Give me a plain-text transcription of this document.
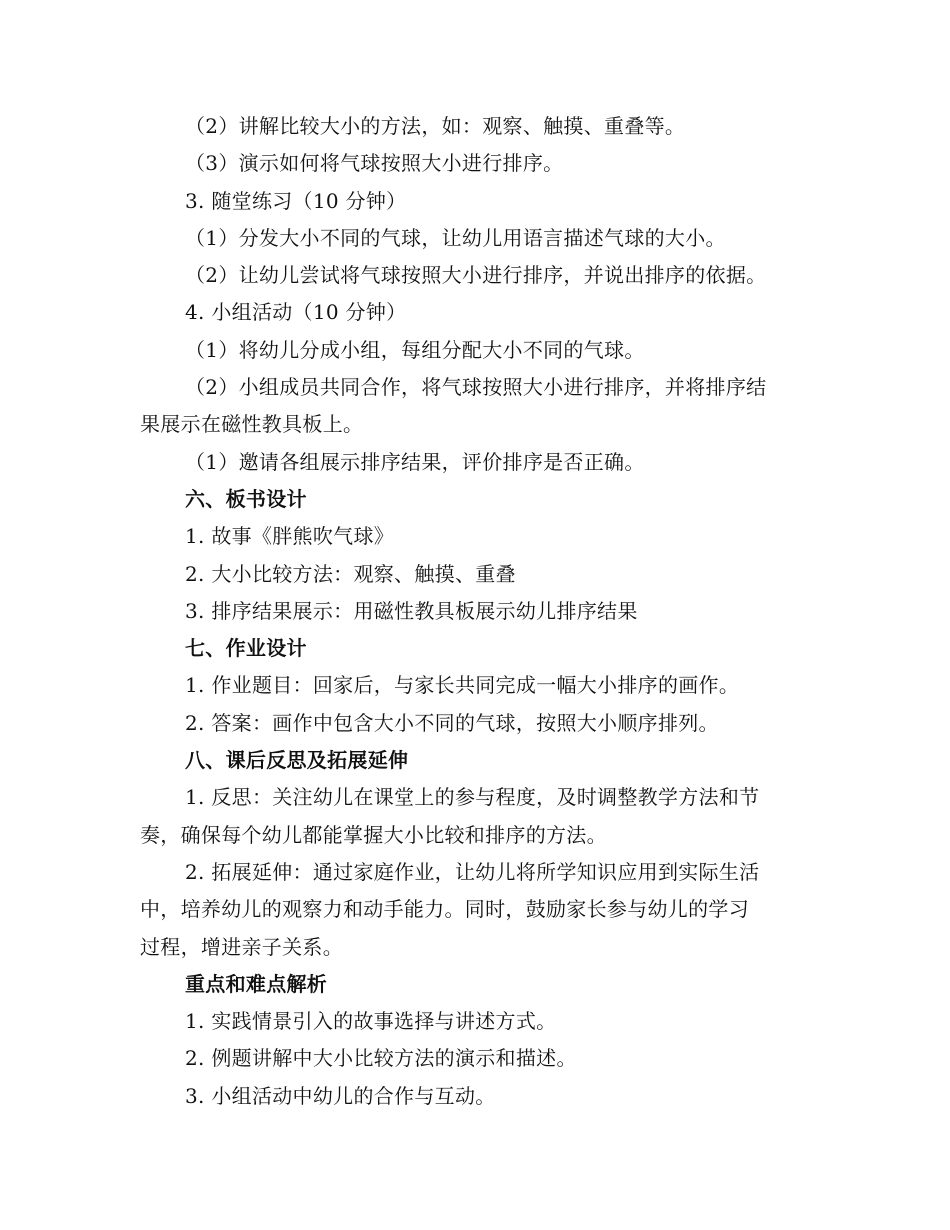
（2）讲解比较大小的方法，如：观察、触摸、重叠等。
（3）演示如何将气球按照大小进行排序。
3. 随堂练习（10 分钟）
（1）分发大小不同的气球，让幼儿用语言描述气球的大小。
（2）让幼儿尝试将气球按照大小进行排序，并说出排序的依据。
4. 小组活动（10 分钟）
（1）将幼儿分成小组，每组分配大小不同的气球。
（2）小组成员共同合作，将气球按照大小进行排序，并将排序结
果展示在磁性教具板上。
（1）邀请各组展示排序结果，评价排序是否正确。
六、板书设计
1. 故事《胖熊吹气球》
2. 大小比较方法：观察、触摸、重叠
3. 排序结果展示：用磁性教具板展示幼儿排序结果
七、作业设计
1. 作业题目：回家后，与家长共同完成一幅大小排序的画作。
2. 答案：画作中包含大小不同的气球，按照大小顺序排列。
八、课后反思及拓展延伸
1. 反思：关注幼儿在课堂上的参与程度，及时调整教学方法和节
奏，确保每个幼儿都能掌握大小比较和排序的方法。
2. 拓展延伸：通过家庭作业，让幼儿将所学知识应用到实际生活
中，培养幼儿的观察力和动手能力。同时，鼓励家长参与幼儿的学习
过程，增进亲子关系。
重点和难点解析
1. 实践情景引入的故事选择与讲述方式。
2. 例题讲解中大小比较方法的演示和描述。
3. 小组活动中幼儿的合作与互动。
